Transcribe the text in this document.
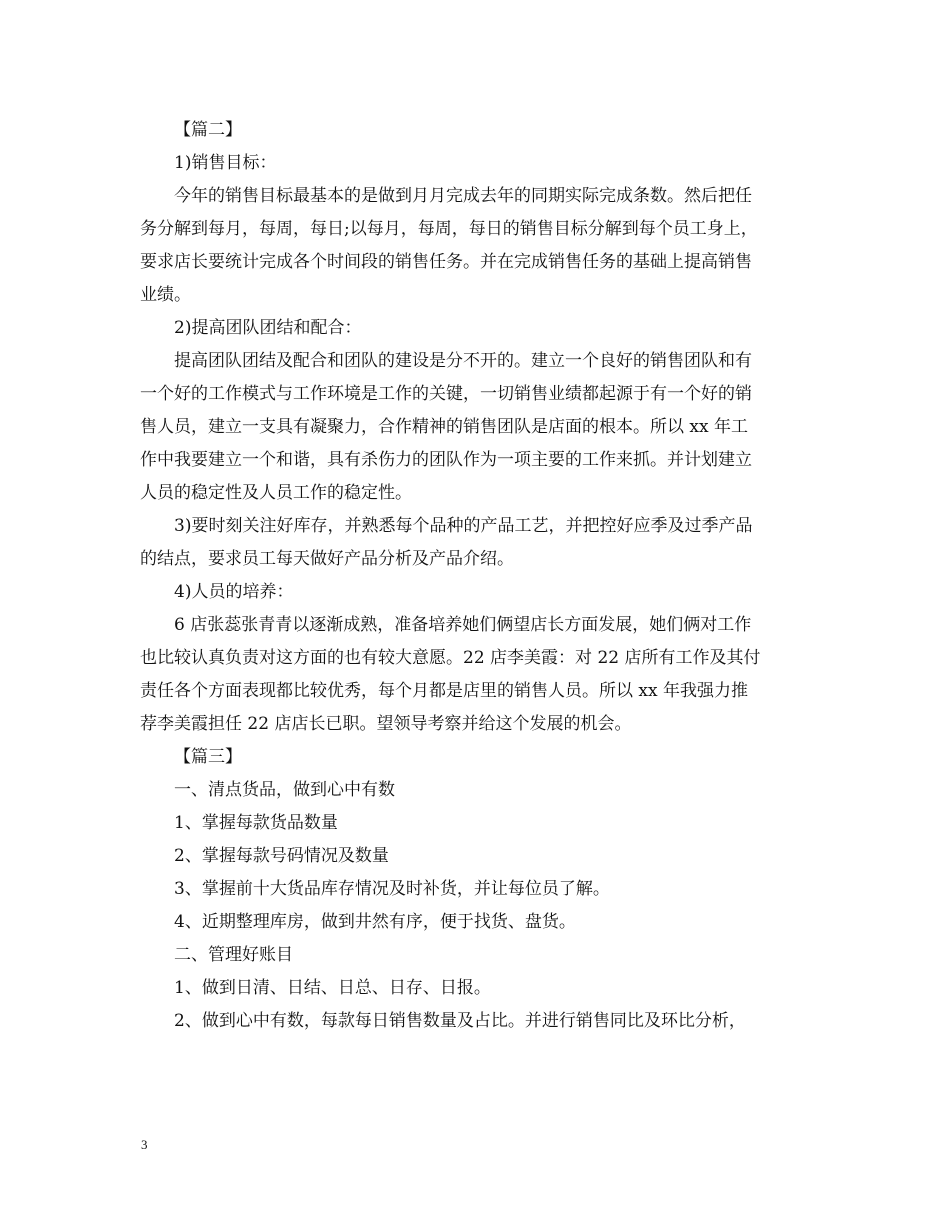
【篇二】
1)销售目标：
今年的销售目标最基本的是做到月月完成去年的同期实际完成条数。然后把任
务分解到每月，每周，每日;以每月，每周，每日的销售目标分解到每个员工身上，
要求店长要统计完成各个时间段的销售任务。并在完成销售任务的基础上提高销售
业绩。
2)提高团队团结和配合：
提高团队团结及配合和团队的建设是分不开的。建立一个良好的销售团队和有
一个好的工作模式与工作环境是工作的关键，一切销售业绩都起源于有一个好的销
售人员，建立一支具有凝聚力，合作精神的销售团队是店面的根本。所以 xx 年工
作中我要建立一个和谐，具有杀伤力的团队作为一项主要的工作来抓。并计划建立
人员的稳定性及人员工作的稳定性。
3)要时刻关注好库存，并熟悉每个品种的产品工艺，并把控好应季及过季产品
的结点，要求员工每天做好产品分析及产品介绍。
4)人员的培养：
6 店张蕊张青青以逐渐成熟，准备培养她们俩望店长方面发展，她们俩对工作
也比较认真负责对这方面的也有较大意愿。22 店李美霞：对 22 店所有工作及其付
责任各个方面表现都比较优秀，每个月都是店里的销售人员。所以 xx 年我强力推
荐李美霞担任 22 店店长已职。望领导考察并给这个发展的机会。
【篇三】
一、清点货品，做到心中有数
1、掌握每款货品数量
2、掌握每款号码情况及数量
3、掌握前十大货品库存情况及时补货，并让每位员了解。
4、近期整理库房，做到井然有序，便于找货、盘货。
二、管理好账目
1、做到日清、日结、日总、日存、日报。
2、做到心中有数，每款每日销售数量及占比。并进行销售同比及环比分析，
3
